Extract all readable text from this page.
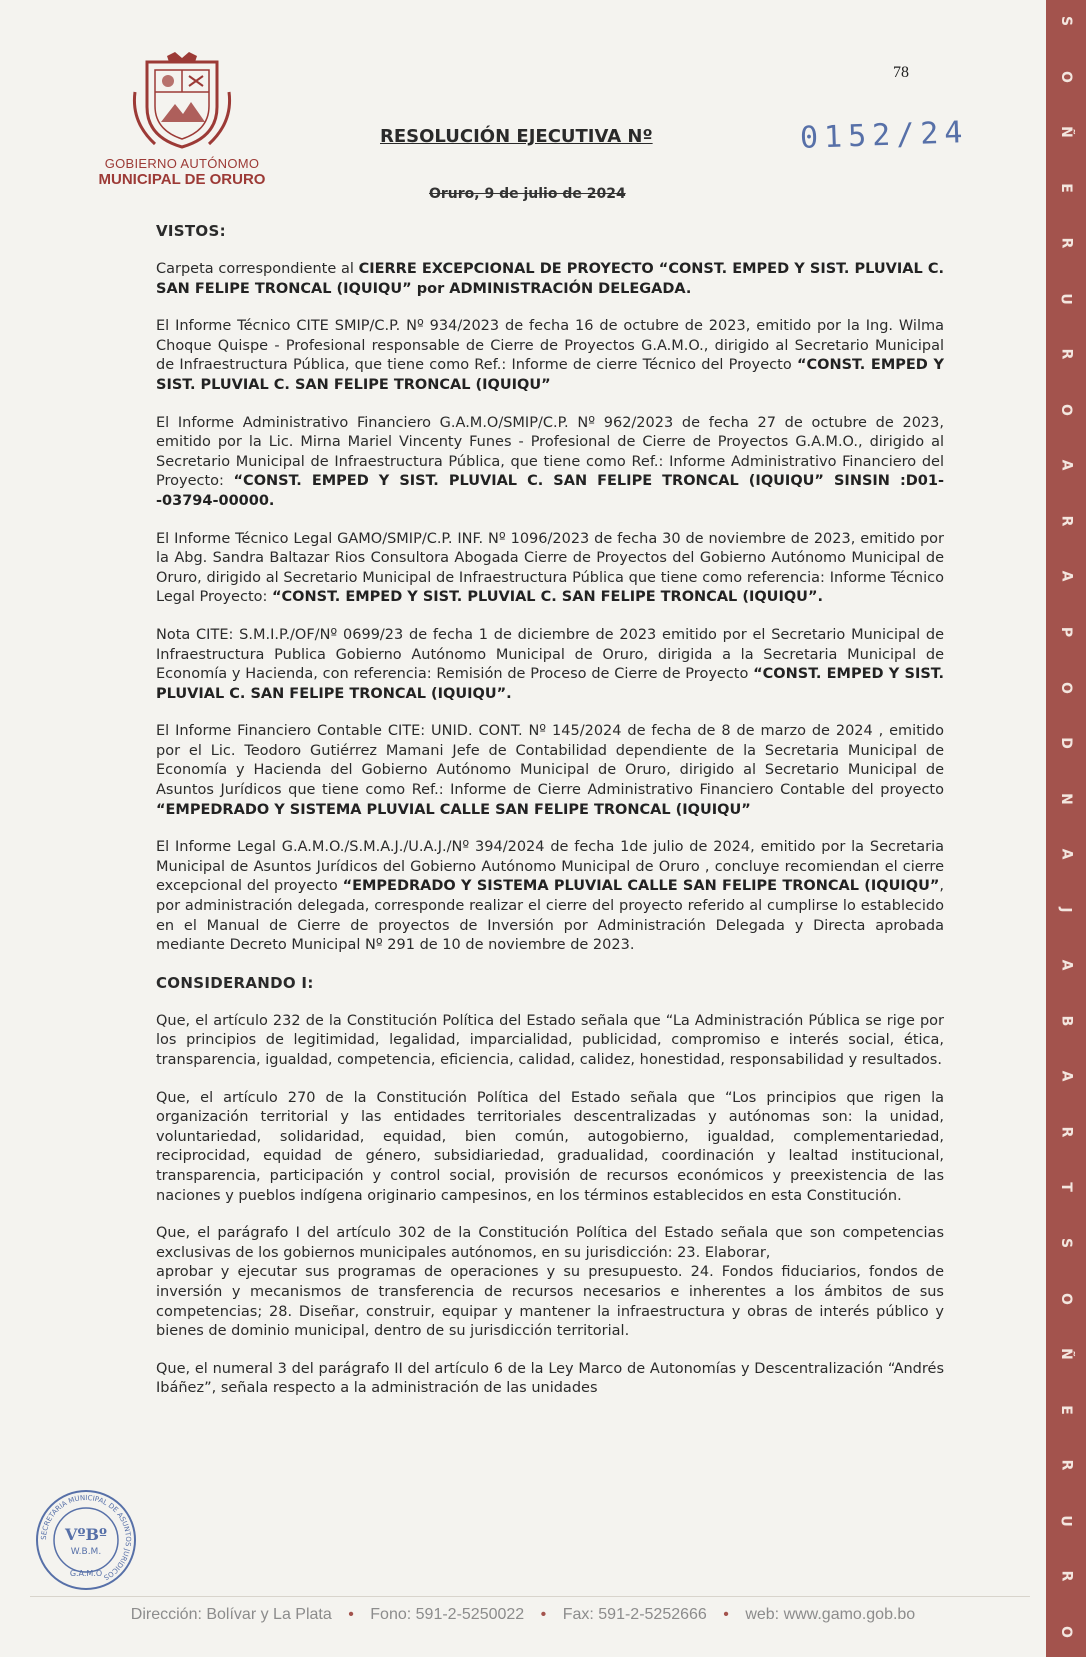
S
O
Ñ
E
R
U
R
O
A
R
A
P
O
D
N
A
J
A
B
A
R
T
S
O
Ñ
E
R
U
R
O
GOBIERNO AUTÓNOMO
MUNICIPAL DE ORURO
78
RESOLUCIÓN EJECUTIVA Nº	0152/24
Oruro, 9 de julio de 2024
VISTOS:

Carpeta correspondiente al CIERRE EXCEPCIONAL DE PROYECTO “CONST. EMPED Y SIST. PLUVIAL C. SAN FELIPE TRONCAL (IQUIQU” por ADMINISTRACIÓN DELEGADA.

El Informe Técnico CITE SMIP/C.P. Nº 934/2023 de fecha 16 de octubre de 2023, emitido por la Ing. Wilma Choque Quispe - Profesional responsable de Cierre de Proyectos G.A.M.O., dirigido al Secretario Municipal de Infraestructura Pública, que tiene como Ref.: Informe de cierre Técnico del Proyecto “CONST. EMPED Y SIST. PLUVIAL C. SAN FELIPE TRONCAL (IQUIQU”

El Informe Administrativo Financiero G.A.M.O/SMIP/C.P. Nº 962/2023 de fecha 27 de octubre de 2023, emitido por la Lic. Mirna Mariel Vincenty Funes - Profesional de Cierre de Proyectos G.A.M.O., dirigido al Secretario Municipal de Infraestructura Pública, que tiene como Ref.: Informe Administrativo Financiero del Proyecto: “CONST. EMPED Y SIST. PLUVIAL C. SAN FELIPE TRONCAL (IQUIQU” SINSIN :D01--03794-00000.

El Informe Técnico Legal GAMO/SMIP/C.P. INF. Nº 1096/2023 de fecha 30 de noviembre de 2023, emitido por la Abg. Sandra Baltazar Rios Consultora Abogada Cierre de Proyectos del Gobierno Autónomo Municipal de Oruro, dirigido al Secretario Municipal de Infraestructura Pública que tiene como referencia: Informe Técnico Legal Proyecto: “CONST. EMPED Y SIST. PLUVIAL C. SAN FELIPE TRONCAL (IQUIQU”.

Nota CITE: S.M.I.P./OF/Nº 0699/23 de fecha 1 de diciembre de 2023 emitido por el Secretario Municipal de Infraestructura Publica Gobierno Autónomo Municipal de Oruro, dirigida a la Secretaria Municipal de Economía y Hacienda, con referencia: Remisión de Proceso de Cierre de Proyecto “CONST. EMPED Y SIST. PLUVIAL C. SAN FELIPE TRONCAL (IQUIQU”.

El Informe Financiero Contable CITE: UNID. CONT. Nº 145/2024 de fecha de 8 de marzo de 2024 , emitido por el Lic. Teodoro Gutiérrez Mamani Jefe de Contabilidad dependiente de la Secretaria Municipal de Economía y Hacienda del Gobierno Autónomo Municipal de Oruro, dirigido al Secretario Municipal de Asuntos Jurídicos que tiene como Ref.: Informe de Cierre Administrativo Financiero Contable del proyecto “EMPEDRADO Y SISTEMA PLUVIAL CALLE SAN FELIPE TRONCAL (IQUIQU”

El Informe Legal G.A.M.O./S.M.A.J./U.A.J./Nº 394/2024 de fecha 1de julio de 2024, emitido por la Secretaria Municipal de Asuntos Jurídicos del Gobierno Autónomo Municipal de Oruro , concluye recomiendan el cierre excepcional del proyecto “EMPEDRADO Y SISTEMA PLUVIAL CALLE SAN FELIPE TRONCAL (IQUIQU”, por administración delegada, corresponde realizar el cierre del proyecto referido al cumplirse lo establecido en el Manual de Cierre de proyectos de Inversión por Administración Delegada y Directa aprobada mediante Decreto Municipal Nº 291 de 10 de noviembre de 2023.

CONSIDERANDO I:

Que, el artículo 232 de la Constitución Política del Estado señala que “La Administración Pública se rige por los principios de legitimidad, legalidad, imparcialidad, publicidad, compromiso e interés social, ética, transparencia, igualdad, competencia, eficiencia, calidad, calidez, honestidad, responsabilidad y resultados.

Que, el artículo 270 de la Constitución Política del Estado señala que “Los principios que rigen la organización territorial y las entidades territoriales descentralizadas y autónomas son: la unidad, voluntariedad, solidaridad, equidad, bien común, autogobierno, igualdad, complementariedad, reciprocidad, equidad de género, subsidiariedad, gradualidad, coordinación y lealtad institucional, transparencia, participación y control social, provisión de recursos económicos y preexistencia de las naciones y pueblos indígena originario campesinos, en los términos establecidos en esta Constitución.

Que, el parágrafo I del artículo 302 de la Constitución Política del Estado señala que son competencias exclusivas de los gobiernos municipales autónomos, en su jurisdicción: 23. Elaborar,

aprobar y ejecutar sus programas de operaciones y su presupuesto. 24. Fondos fiduciarios, fondos de inversión y mecanismos de transferencia de recursos necesarios e inherentes a los ámbitos de sus competencias; 28. Diseñar, construir, equipar y mantener la infraestructura y obras de interés público y bienes de dominio municipal, dentro de su jurisdicción territorial.

Que, el numeral 3 del parágrafo II del artículo 6 de la Ley Marco de Autonomías y Descentralización “Andrés Ibáñez”, señala respecto a la administración de las unidades

SECRETARIA MUNICIPAL DE ASUNTOS JURIDICOS
VºBº
W.B.M.
G.A.M.O
Dirección: Bolívar y La Plata • Fono: 591-2-5250022 • Fax: 591-2-5252666 • web: www.gamo.gob.bo
